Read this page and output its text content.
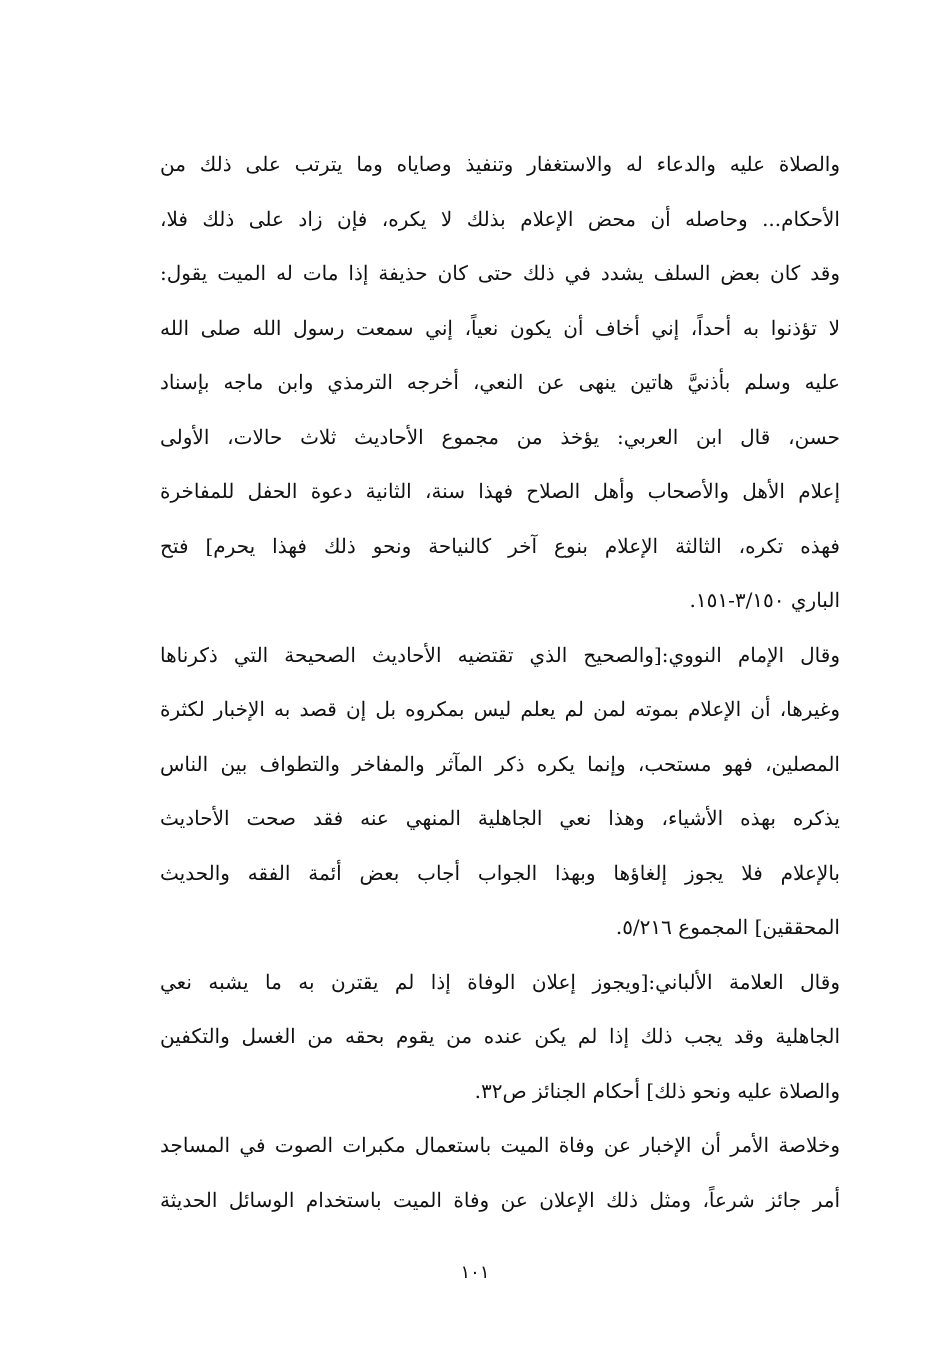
والصلاة عليه والدعاء له والاستغفار وتنفيذ وصاياه وما يترتب على ذلك من
الأحكام... وحاصله أن محض الإعلام بذلك لا يكره، فإن زاد على ذلك فلا،
وقد كان بعض السلف يشدد في ذلك حتى كان حذيفة إذا مات له الميت يقول:
لا تؤذنوا به أحداً، إني أخاف أن يكون نعياً، إني سمعت رسول الله صلى الله
عليه وسلم بأذنيَّ هاتين ينهى عن النعي، أخرجه الترمذي وابن ماجه بإسناد
حسن، قال ابن العربي: يؤخذ من مجموع الأحاديث ثلاث حالات، الأولى
إعلام الأهل والأصحاب وأهل الصلاح فهذا سنة، الثانية دعوة الحفل للمفاخرة
فهذه تكره، الثالثة الإعلام بنوع آخر كالنياحة ونحو ذلك فهذا يحرم] فتح
الباري ٣/١٥٠-١٥١.
وقال الإمام النووي:[والصحيح الذي تقتضيه الأحاديث الصحيحة التي ذكرناها
وغيرها، أن الإعلام بموته لمن لم يعلم ليس بمكروه بل إن قصد به الإخبار لكثرة
المصلين، فهو مستحب، وإنما يكره ذكر المآثر والمفاخر والتطواف بين الناس
يذكره بهذه الأشياء، وهذا نعي الجاهلية المنهي عنه فقد صحت الأحاديث
بالإعلام فلا يجوز إلغاؤها وبهذا الجواب أجاب بعض أئمة الفقه والحديث
المحققين] المجموع ٥/٢١٦.
وقال العلامة الألباني:[ويجوز إعلان الوفاة إذا لم يقترن به ما يشبه نعي
الجاهلية وقد يجب ذلك إذا لم يكن عنده من يقوم بحقه من الغسل والتكفين
والصلاة عليه ونحو ذلك] أحكام الجنائز ص٣٢.
وخلاصة الأمر أن الإخبار عن وفاة الميت باستعمال مكبرات الصوت في المساجد
أمر جائز شرعاً، ومثل ذلك الإعلان عن وفاة الميت باستخدام الوسائل الحديثة
١٠١
